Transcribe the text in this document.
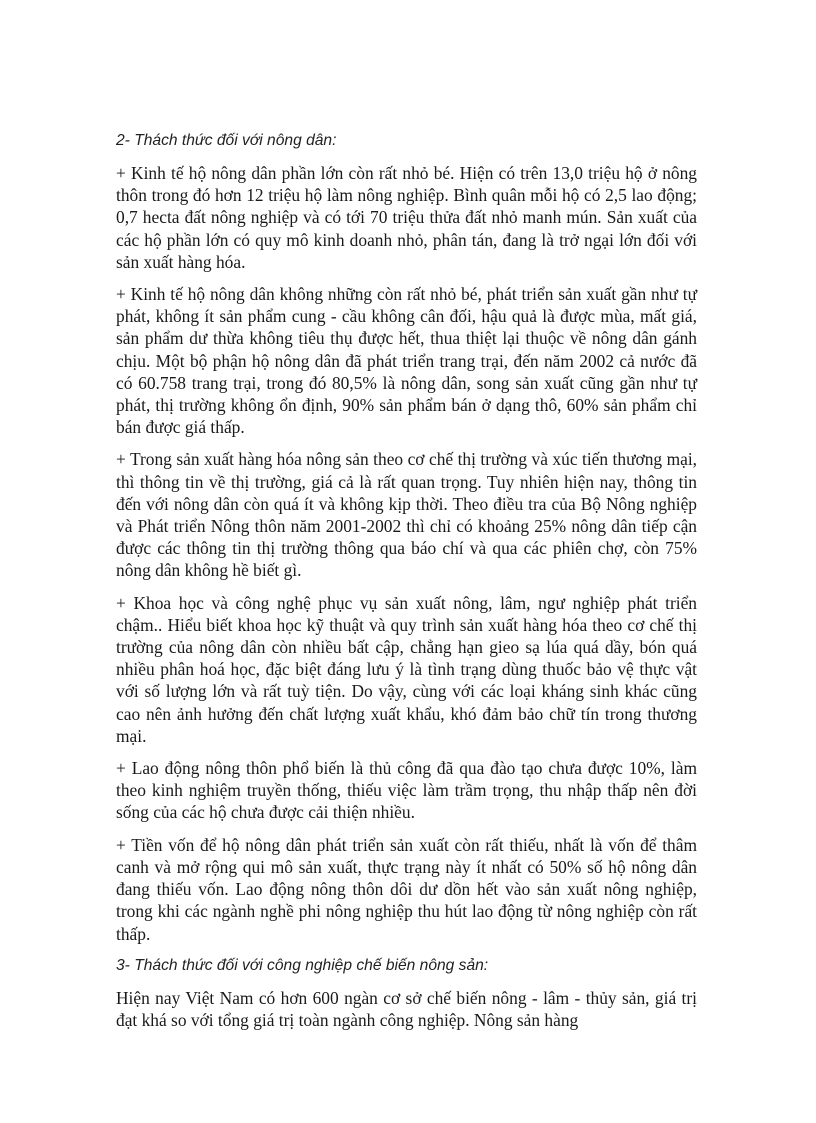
2- Thách thức đối với nông dân:

+ Kinh tế hộ nông dân phần lớn còn rất nhỏ bé. Hiện có trên 13,0 triệu hộ ở nông thôn trong đó hơn 12 triệu hộ làm nông nghiệp. Bình quân mỗi hộ có 2,5 lao động; 0,7 hecta đất nông nghiệp và có tới 70 triệu thửa đất nhỏ manh mún. Sản xuất của các hộ phần lớn có quy mô kinh doanh nhỏ, phân tán, đang là trở ngại lớn đối với sản xuất hàng hóa.

+ Kinh tế hộ nông dân không những còn rất nhỏ bé, phát triển sản xuất gần như tự phát, không ít sản phẩm cung - cầu không cân đối, hậu quả là được mùa, mất giá, sản phẩm dư thừa không tiêu thụ được hết, thua thiệt lại thuộc về nông dân gánh chịu. Một bộ phận hộ nông dân đã phát triển trang trại, đến năm 2002 cả nước đã có 60.758 trang trại, trong đó 80,5% là nông dân, song sản xuất cũng gần như tự phát, thị trường không ổn định, 90% sản phẩm bán ở dạng thô, 60% sản phẩm chỉ bán được giá thấp.

+ Trong sản xuất hàng hóa nông sản theo cơ chế thị trường và xúc tiến thương mại, thì thông tin về thị trường, giá cả là rất quan trọng. Tuy nhiên hiện nay, thông tin đến với nông dân còn quá ít và không kịp thời. Theo điều tra của Bộ Nông nghiệp và Phát triển Nông thôn năm 2001-2002 thì chỉ có khoảng 25% nông dân tiếp cận được các thông tin thị trường thông qua báo chí và qua các phiên chợ, còn 75% nông dân không hề biết gì.

+ Khoa học và công nghệ phục vụ sản xuất nông, lâm, ngư nghiệp phát triển chậm.. Hiểu biết khoa học kỹ thuật và quy trình sản xuất hàng hóa theo cơ chế thị trường của nông dân còn nhiều bất cập, chẳng hạn gieo sạ lúa quá dầy, bón quá nhiều phân hoá học, đặc biệt đáng lưu ý là tình trạng dùng thuốc bảo vệ thực vật với số lượng lớn và rất tuỳ tiện. Do vậy, cùng với các loại kháng sinh khác cũng cao nên ảnh hưởng đến chất lượng xuất khẩu, khó đảm bảo chữ tín trong thương mại.

+ Lao động nông thôn phổ biến là thủ công đã qua đào tạo chưa được 10%, làm theo kinh nghiệm truyền thống, thiếu việc làm trầm trọng, thu nhập thấp nên đời sống của các hộ chưa được cải thiện nhiều.

+ Tiền vốn để hộ nông dân phát triển sản xuất còn rất thiếu, nhất là vốn để thâm canh và mở rộng qui mô sản xuất, thực trạng này ít nhất có 50% số hộ nông dân đang thiếu vốn. Lao động nông thôn dôi dư dồn hết vào sản xuất nông nghiệp, trong khi các ngành nghề phi nông nghiệp thu hút lao động từ nông nghiệp còn rất thấp.

3- Thách thức đối với công nghiệp chế biến nông sản:

Hiện nay Việt Nam có hơn 600 ngàn cơ sở chế biến nông - lâm - thủy sản, giá trị đạt khá so với tổng giá trị toàn ngành công nghiệp. Nông sản hàng
